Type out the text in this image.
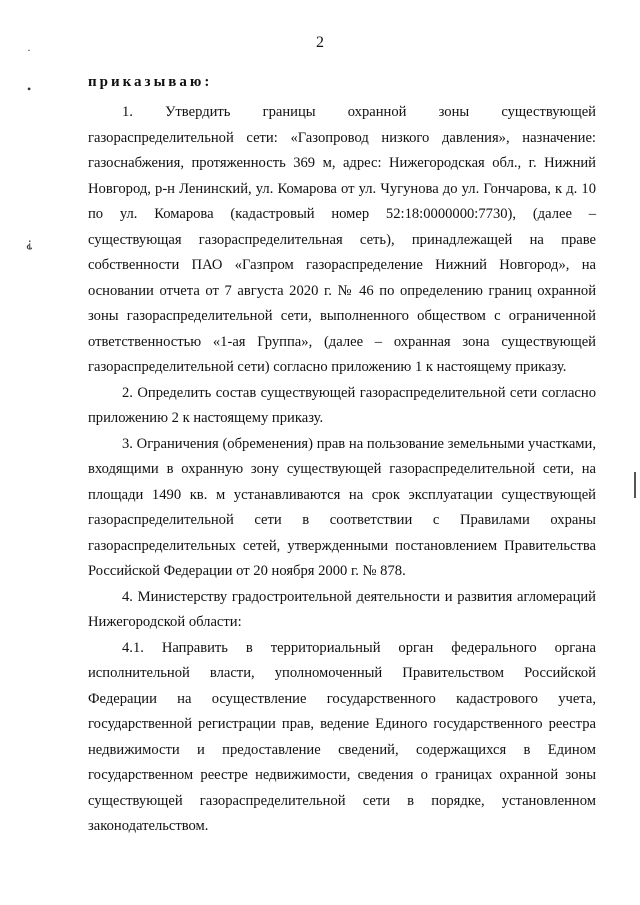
2
приказываю:

1. Утвердить границы охранной зоны существующей газораспределительной сети: «Газопровод низкого давления», назначение: газоснабжения, протяженность 369 м, адрес: Нижегородская обл., г. Нижний Новгород, р-н Ленинский, ул. Комарова от ул. Чугунова до ул. Гончарова, к д. 10 по ул. Комарова (кадастровый номер 52:18:0000000:7730), (далее – существующая газораспределительная сеть), принадлежащей на праве собственности ПАО «Газпром газораспределение Нижний Новгород», на основании отчета от 7 августа 2020 г. № 46 по определению границ охранной зоны газораспределительной сети, выполненного обществом с ограниченной ответственностью «1-ая Группа», (далее – охранная зона существующей газораспределительной сети) согласно приложению 1 к настоящему приказу.

2. Определить состав существующей газораспределительной сети согласно приложению 2 к настоящему приказу.

3. Ограничения (обременения) прав на пользование земельными участками, входящими в охранную зону существующей газораспределительной сети, на площади 1490 кв. м устанавливаются на срок эксплуатации существующей газораспределительной сети в соответствии с Правилами охраны газораспределительных сетей, утвержденными постановлением Правительства Российской Федерации от 20 ноября 2000 г. № 878.

4. Министерству градостроительной деятельности и развития агломераций Нижегородской области:

4.1. Направить в территориальный орган федерального органа исполнительной власти, уполномоченный Правительством Российской Федерации на осуществление государственного кадастрового учета, государственной регистрации прав, ведение Единого государственного реестра недвижимости и предоставление сведений, содержащихся в Едином государственном реестре недвижимости, сведения о границах охранной зоны существующей газораспределительной сети в порядке, установленном законодательством.

·
•
⸘
